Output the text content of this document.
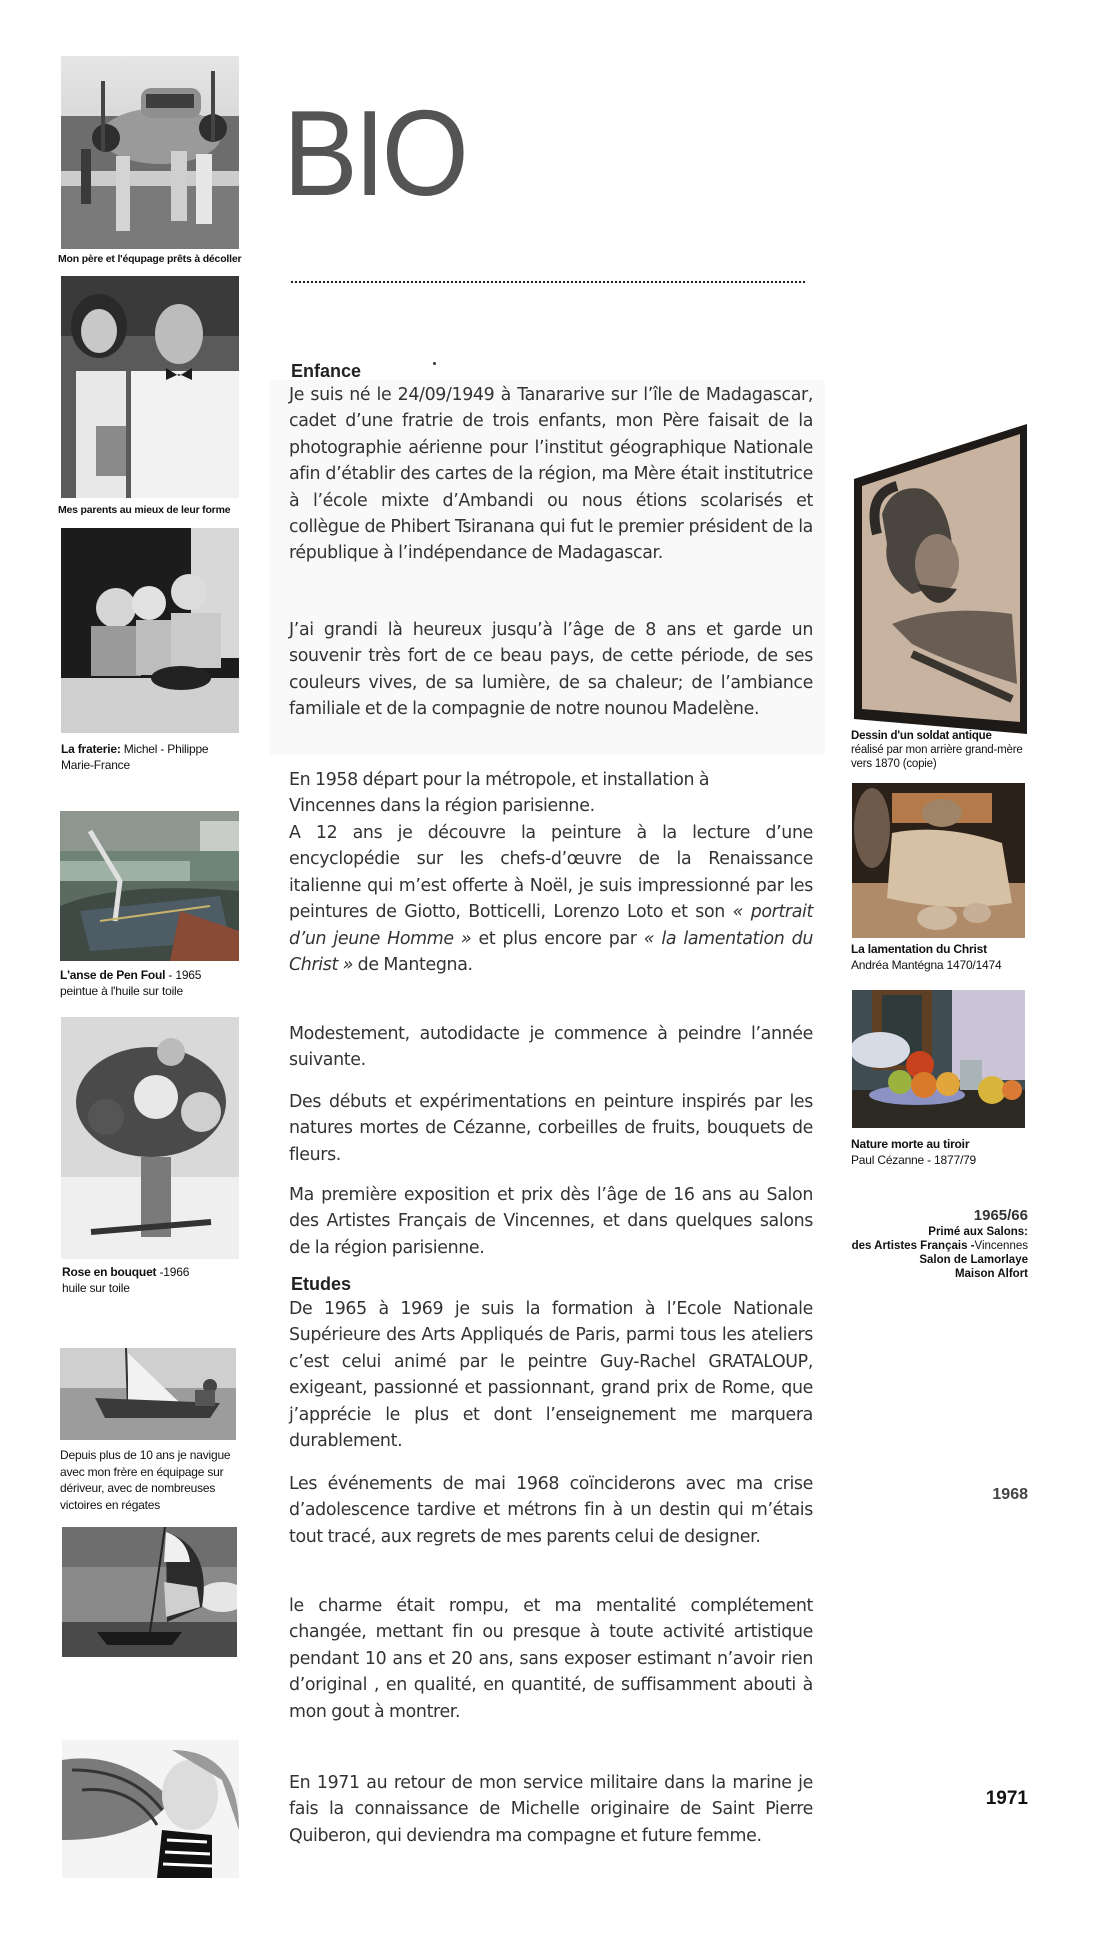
BIO
Mon père et l'équpage prêts à décoller
Mes parents au mieux de leur forme
La fraterie: Michel - Philippe
Marie-France
L'anse de Pen Foul - 1965
peintue à l'huile sur toile
Rose en bouquet -1966
huile sur toile
Depuis plus de 10 ans je navigue
avec mon frère en équipage sur
dériveur, avec de nombreuses
victoires en régates
Enfance

Je suis né le 24/09/1949 à Tanararive sur l’île de Madagascar, cadet d’une fratrie de trois enfants, mon Père faisait de la photographie aérienne pour l’institut géographique Nationale afin d’établir des cartes de la région, ma Mère était institutrice à l’école mixte d’Ambandi ou nous étions scolarisés et collègue de Phibert Tsiranana qui fut le premier président de la république à l’indépendance de Madagascar.

J’ai grandi là heureux jusqu’à l’âge de 8 ans et garde un souvenir très fort de ce beau pays, de cette période, de ses couleurs vives, de sa lumière, de sa chaleur; de l’ambiance familiale et de la compagnie de notre nounou Madelène.

En 1958 départ pour la métropole, et installation à

Vincennes dans la région parisienne.

A 12 ans je découvre la peinture à la lecture d’une encyclopédie sur les chefs-d’œuvre de la Renaissance italienne qui m’est offerte à Noël, je suis impressionné par les peintures de Giotto, Botticelli, Lorenzo Loto et son « portrait d’un jeune Homme » et plus encore par « la lamentation du Christ » de Mantegna.

Modestement, autodidacte je commence à peindre l’année suivante.

Des débuts et expérimentations en peinture inspirés par les natures mortes de Cézanne, corbeilles de fruits, bouquets de fleurs.

Ma première exposition et prix dès l’âge de 16 ans au Salon des Artistes Français de Vincennes, et dans quelques salons de la région parisienne.

Etudes

De 1965 à 1969 je suis la formation à l’Ecole Nationale Supérieure des Arts Appliqués de Paris, parmi tous les ateliers c’est celui animé par le peintre Guy-Rachel GRATALOUP, exigeant, passionné et passionnant, grand prix de Rome, que j’apprécie le plus et dont l’enseignement me marquera durablement.

Les événements de mai 1968 coïnciderons avec ma crise d’adolescence tardive et métrons fin à un destin qui m’étais tout tracé, aux regrets de mes parents celui de designer.

le charme était rompu, et ma mentalité complétement changée, mettant fin ou presque à toute activité artistique pendant 10 ans et 20 ans, sans exposer estimant n’avoir rien d’original , en qualité, en quantité, de suffisamment abouti à mon gout à montrer.

En 1971 au retour de mon service militaire dans la marine je fais la connaissance de Michelle originaire de Saint Pierre Quiberon, qui deviendra ma compagne et future femme.

Dessin d'un soldat antique
réalisé par mon arrière grand-mère
vers 1870 (copie)
La lamentation du Christ
Andréa Mantégna 1470/1474
Nature morte au tiroir
Paul Cézanne - 1877/79
1965/66
Primé aux Salons:
des Artistes Français -Vincennes
Salon de Lamorlaye
Maison Alfort
1968
1971
